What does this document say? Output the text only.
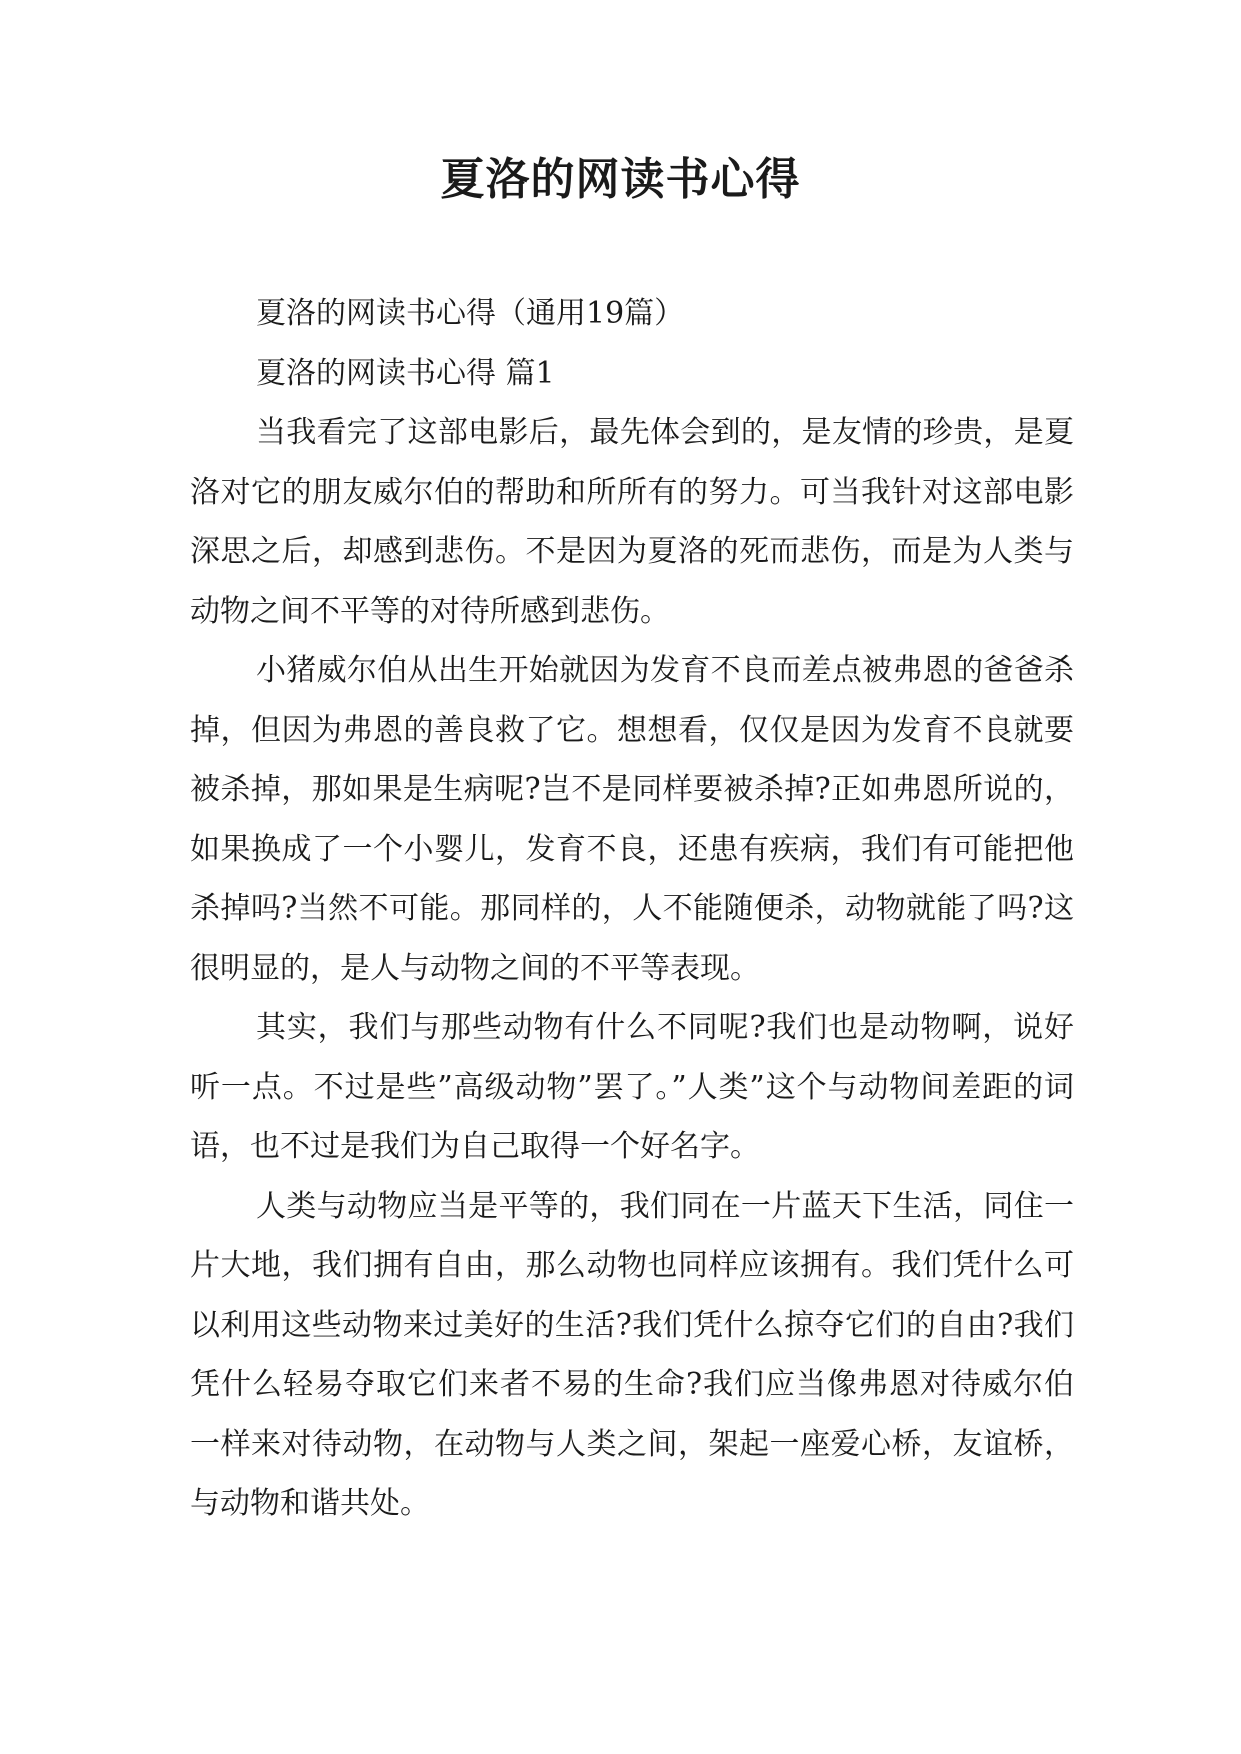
夏洛的网读书心得

夏洛的网读书心得（通用19篇）

夏洛的网读书心得 篇1

当我看完了这部电影后，最先体会到的，是友情的珍贵，是夏洛对它的朋友威尔伯的帮助和所所有的努力。可当我针对这部电影深思之后，却感到悲伤。不是因为夏洛的死而悲伤，而是为人类与动物之间不平等的对待所感到悲伤。

小猪威尔伯从出生开始就因为发育不良而差点被弗恩的爸爸杀掉，但因为弗恩的善良救了它。想想看，仅仅是因为发育不良就要被杀掉，那如果是生病呢?岂不是同样要被杀掉?正如弗恩所说的，如果换成了一个小婴儿，发育不良，还患有疾病，我们有可能把他杀掉吗?当然不可能。那同样的，人不能随便杀，动物就能了吗?这很明显的，是人与动物之间的不平等表现。

其实，我们与那些动物有什么不同呢?我们也是动物啊，说好听一点。不过是些”高级动物”罢了。”人类”这个与动物间差距的词语，也不过是我们为自己取得一个好名字。

人类与动物应当是平等的，我们同在一片蓝天下生活，同住一片大地，我们拥有自由，那么动物也同样应该拥有。我们凭什么可以利用这些动物来过美好的生活?我们凭什么掠夺它们的自由?我们凭什么轻易夺取它们来者不易的生命?我们应当像弗恩对待威尔伯一样来对待动物，在动物与人类之间，架起一座爱心桥，友谊桥，与动物和谐共处。
